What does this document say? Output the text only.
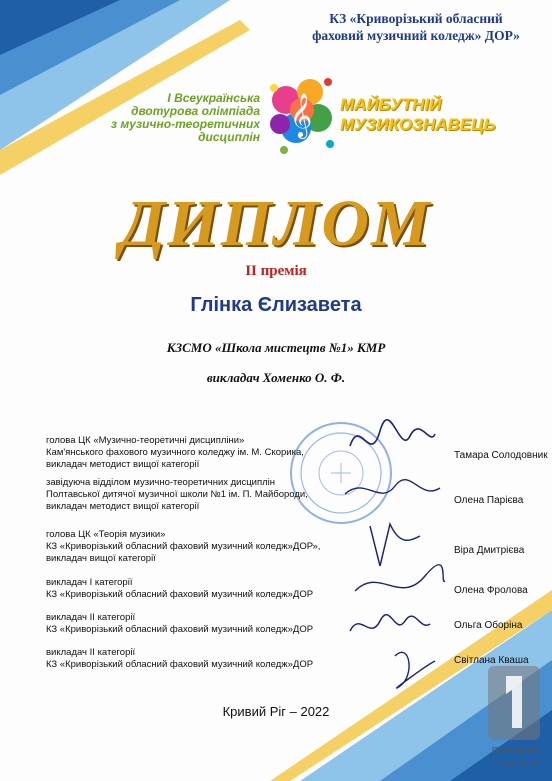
КЗ «Криворізький обласний
фаховий музичний коледж» ДОР»
I Всеукраїнська
двотурова олімпіада
з музично-теоретичних
дисциплін 𝄞 МАЙБУТНІЙ
МУЗИКОЗНАВЕЦЬ
ДИПЛОМ
ІІ премія
Глінка Єлизавета
КЗСМО «Школа мистецтв №1» КМР
викладач Хоменко О. Ф.
голова ЦК «Музично-теоретичні дисципліни»
Кам'янського фахового музичного коледжу ім. М. Скорика,
викладач методист вищої категорії
Тамара Солодовник
завідуюча відділом музично-теоретичних дисциплін
Полтавської дитячої музичної школи №1 ім. П. Майбороди,
викладач методист вищої категорії
Олена Парієва
голова ЦК «Теорія музики»
КЗ «Криворізький обласний фаховий музичний коледж»ДОР»,
викладач вищої категорії
Віра Дмитрієва
викладач І категорії
КЗ «Криворізький обласний фаховий музичний коледж»ДОР	Олена Фролова
викладач ІІ категорії
КЗ «Криворізький обласний фаховий музичний коледж»ДОР	Ольга Оборіна
викладач ІІ категорії
КЗ «Криворізький обласний фаховий музичний коледж»ДОР	Світлана Кваша
Кривий Ріг – 2022
ПЕРВЫЙ
ГОРОДСКОЙ
